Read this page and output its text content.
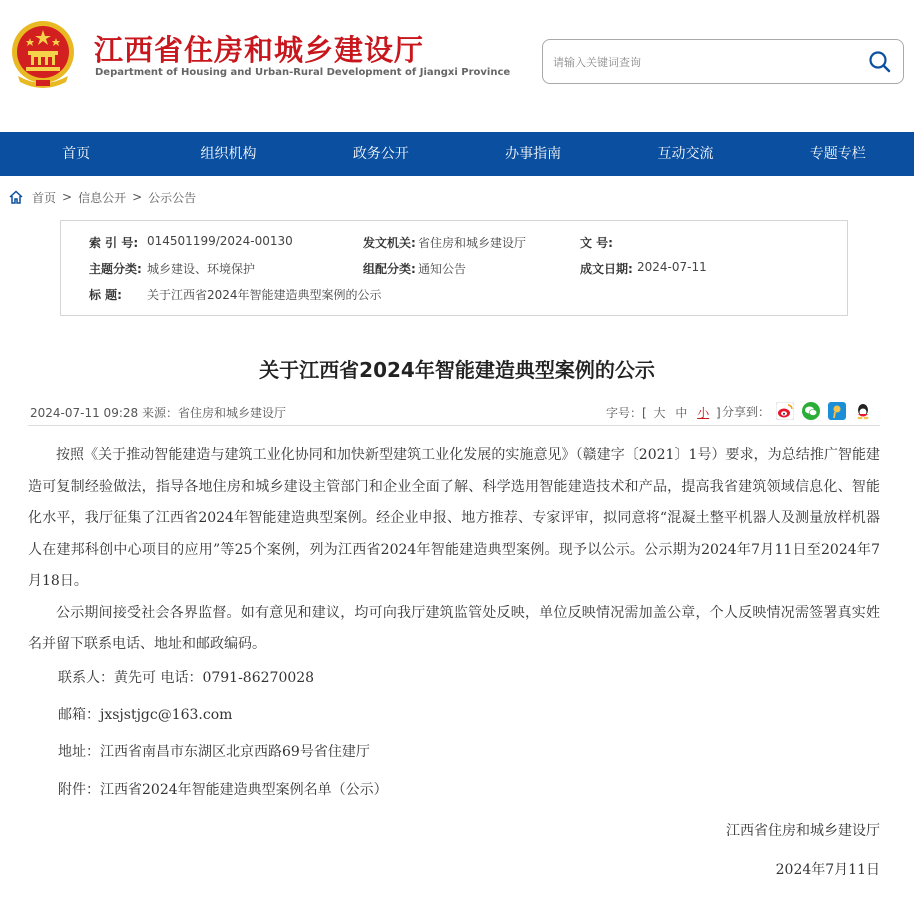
江西省住房和城乡建设厅
Department of Housing and Urban-Rural Development of Jiangxi Province
请输入关键词查询
首页	组织机构	政务公开	办事指南	互动交流	专题专栏
首页 > 信息公开 > 公示公告
索 引 号: 014501199/2024-00130	发文机关: 省住房和城乡建设厅	文 号:
主题分类: 城乡建设、环境保护	组配分类: 通知公告	成文日期: 2024-07-11
标 题: 关于江西省2024年智能建造典型案例的公示
关于江西省2024年智能建造典型案例的公示
2024-07-11 09:28 来源：省住房和城乡建设厅	字号：[ 大 中 小 ] 分享到：

按照《关于推动智能建造与建筑工业化协同和加快新型建筑工业化发展的实施意见》（赣建字〔2021〕1号）要求，为总结推广智能建造可复制经验做法，指导各地住房和城乡建设主管部门和企业全面了解、科学选用智能建造技术和产品，提高我省建筑领域信息化、智能化水平，我厅征集了江西省2024年智能建造典型案例。经企业申报、地方推荐、专家评审，拟同意将“混凝土整平机器人及测量放样机器人在建邦科创中心项目的应用”等25个案例，列为江西省2024年智能建造典型案例。现予以公示。公示期为2024年7月11日至2024年7月18日。

公示期间接受社会各界监督。如有意见和建议，均可向我厅建筑监管处反映，单位反映情况需加盖公章，个人反映情况需签署真实姓名并留下联系电话、地址和邮政编码。

联系人：黄先可 电话：0791-86270028
邮箱：jxsjstjgc@163.com
地址：江西省南昌市东湖区北京西路69号省住建厅
附件：江西省2024年智能建造典型案例名单（公示）
江西省住房和城乡建设厅
2024年7月11日
